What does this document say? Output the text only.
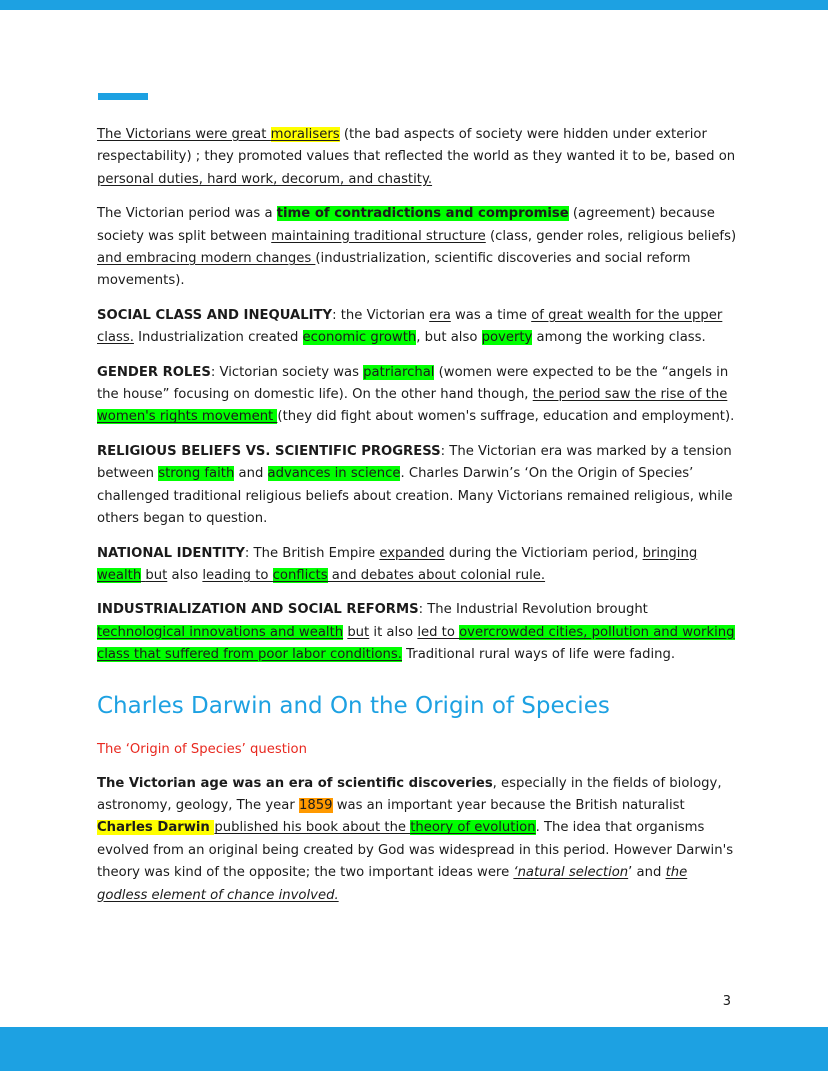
The Victorians were great moralisers (the bad aspects of society were hidden under exterior respectability) ; they promoted values that reflected the world as they wanted it to be, based on personal duties, hard work, decorum, and chastity.

The Victorian period was a time of contradictions and compromise (agreement) because society was split between maintaining traditional structure (class, gender roles, religious beliefs) and embracing modern changes (industrialization, scientific discoveries and social reform movements).

SOCIAL CLASS AND INEQUALITY: the Victorian era was a time of great wealth for the upper class. Industrialization created economic growth, but also poverty among the working class.

GENDER ROLES: Victorian society was patriarchal (women were expected to be the “angels in the house” focusing on domestic life). On the other hand though, the period saw the rise of the women's rights movement (they did fight about women's suffrage, education and employment).

RELIGIOUS BELIEFS VS. SCIENTIFIC PROGRESS: The Victorian era was marked by a tension between strong faith and advances in science. Charles Darwin’s ‘On the Origin of Species’ challenged traditional religious beliefs about creation. Many Victorians remained religious, while others began to question.

NATIONAL IDENTITY: The British Empire expanded during the Victioriam period, bringing wealth but also leading to conflicts and debates about colonial rule.

INDUSTRIALIZATION AND SOCIAL REFORMS: The Industrial Revolution brought technological innovations and wealth but it also led to overcrowded cities, pollution and working class that suffered from poor labor conditions. Traditional rural ways of life were fading.

Charles Darwin and On the Origin of Species
The ‘Origin of Species’ question

The Victorian age was an era of scientific discoveries, especially in the fields of biology, astronomy, geology, The year 1859 was an important year because the British naturalist Charles Darwin published his book about the theory of evolution. The idea that organisms evolved from an original being created by God was widespread in this period. However Darwin's theory was kind of the opposite; the two important ideas were ‘natural selection’ and the godless element of chance involved.

3
